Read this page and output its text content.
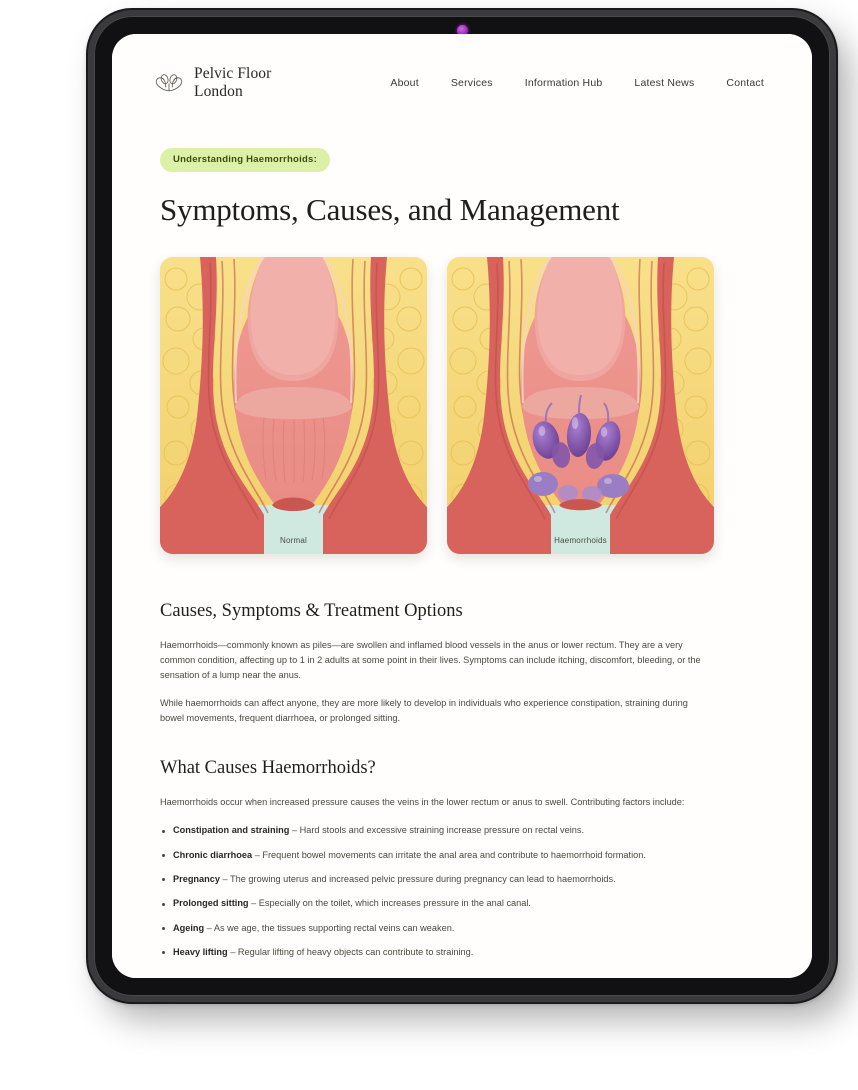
Pelvic Floor
London	About	Services	Information Hub	Latest News	Contact
Understanding Haemorrhoids:
Symptoms, Causes, and Management
Normal	Haemorrhoids
Causes, Symptoms & Treatment Options

Haemorrhoids—commonly known as piles—are swollen and inflamed blood vessels in the anus or lower rectum. They are a very common condition, affecting up to 1 in 2 adults at some point in their lives. Symptoms can include itching, discomfort, bleeding, or the sensation of a lump near the anus.

While haemorrhoids can affect anyone, they are more likely to develop in individuals who experience constipation, straining during bowel movements, frequent diarrhoea, or prolonged sitting.

What Causes Haemorrhoids?

Haemorrhoids occur when increased pressure causes the veins in the lower rectum or anus to swell. Contributing factors include:

Constipation and straining – Hard stools and excessive straining increase pressure on rectal veins.
Chronic diarrhoea – Frequent bowel movements can irritate the anal area and contribute to haemorrhoid formation.
Pregnancy – The growing uterus and increased pelvic pressure during pregnancy can lead to haemorrhoids.
Prolonged sitting – Especially on the toilet, which increases pressure in the anal canal.
Ageing – As we age, the tissues supporting rectal veins can weaken.
Heavy lifting – Regular lifting of heavy objects can contribute to straining.
